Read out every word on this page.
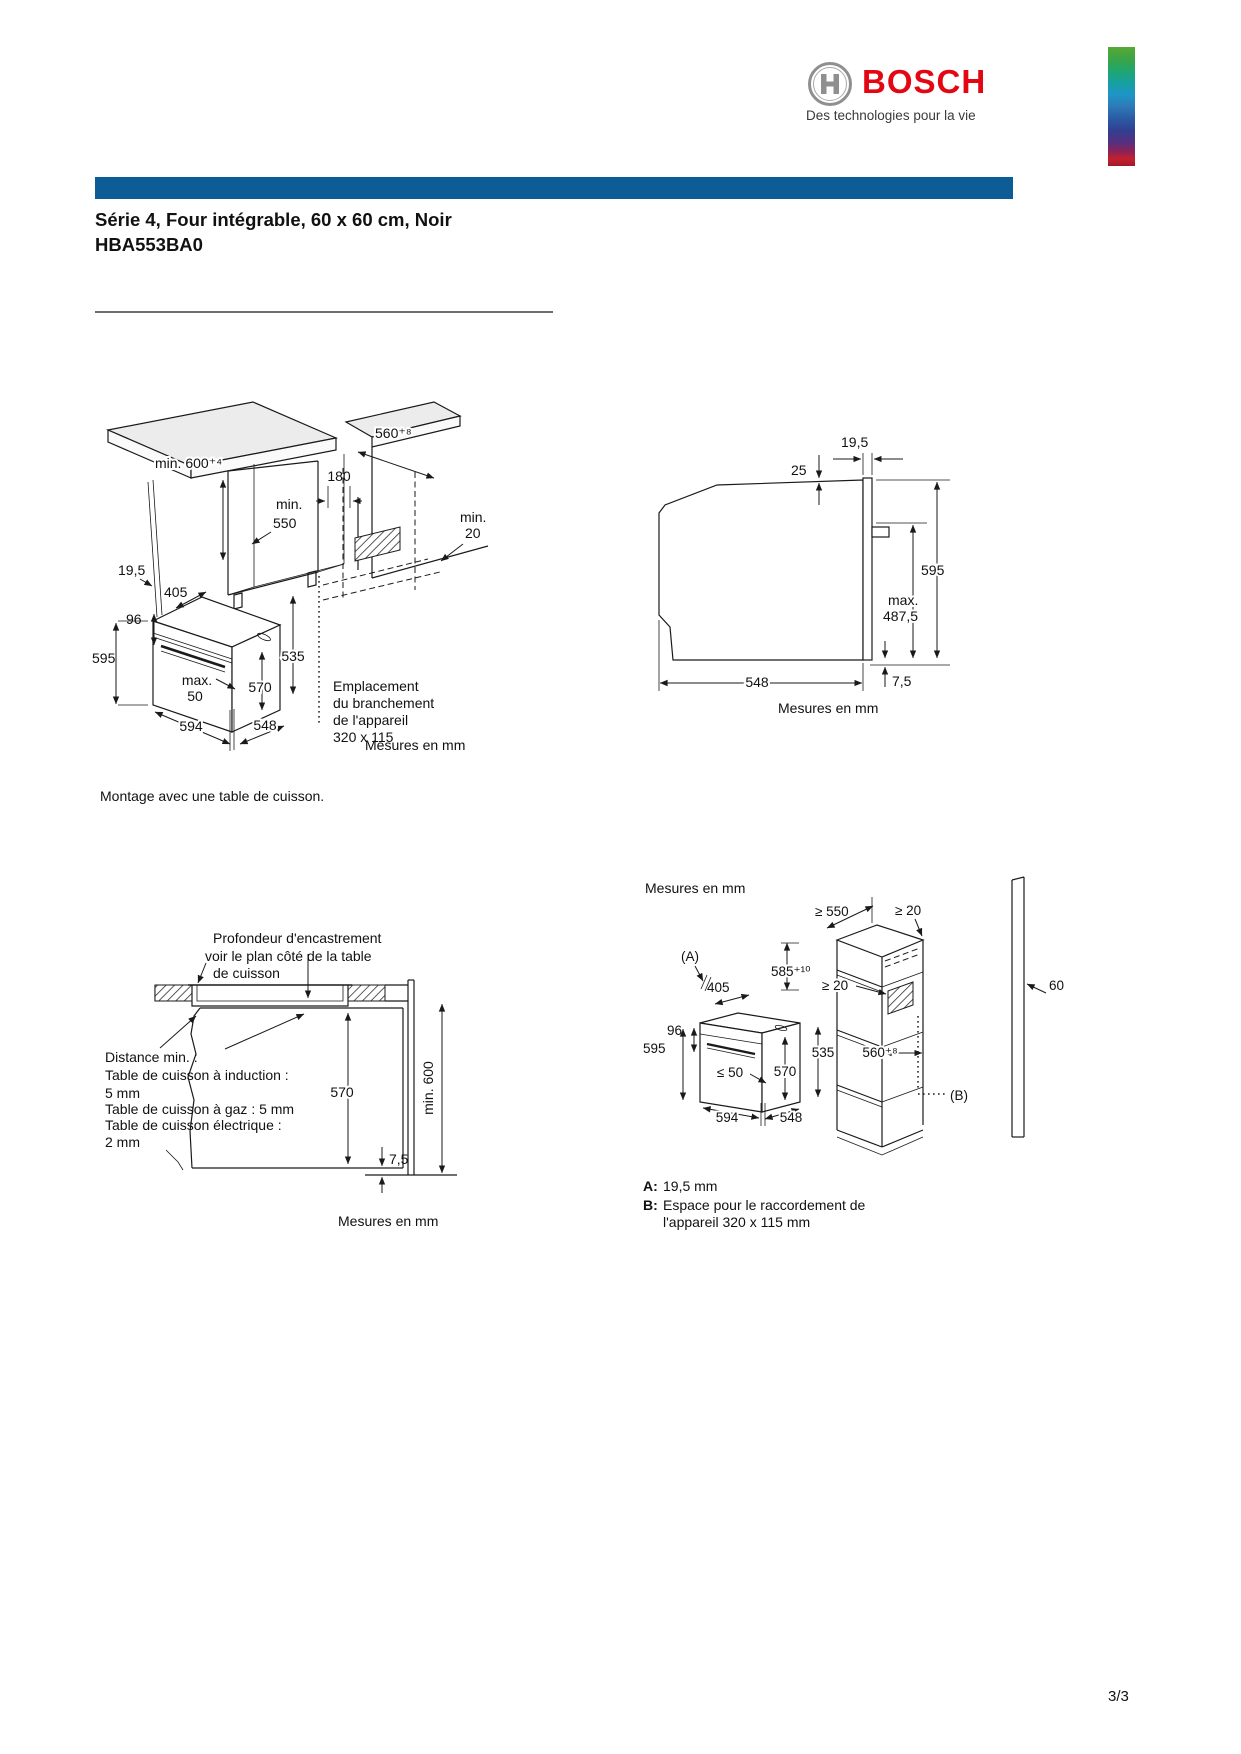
BOSCH
Des technologies pour la vie
Série 4, Four intégrable, 60 x 60 cm, Noir
HBA553BA0
560⁺⁸
180
min. 600⁺⁴
min.
550
19,5
405
96
595	535
570
max.
50
594	548
min.
20
Emplacement
du branchement
de l'appareil
320 x 115
Mesures en mm
19,5
25
595
max.
487,5
548	7,5
Mesures en mm
Montage avec une table de cuisson.
Profondeur d'encastrement
voir le plan côté de la table
de cuisson
Distance min. :
Table de cuisson à induction :
5 mm
Table de cuisson à gaz : 5 mm
Table de cuisson électrique :
2 mm
570	min. 600
7,5
Mesures en mm
Mesures en mm
≥ 550	≥ 20
585⁺¹⁰
≥ 20	60
(A)
(B)
405
96
595	535 560⁺⁸
≤ 50 570
594	548
A: 19,5 mm
B: Espace pour le raccordement de
l'appareil 320 x 115 mm
3/3
